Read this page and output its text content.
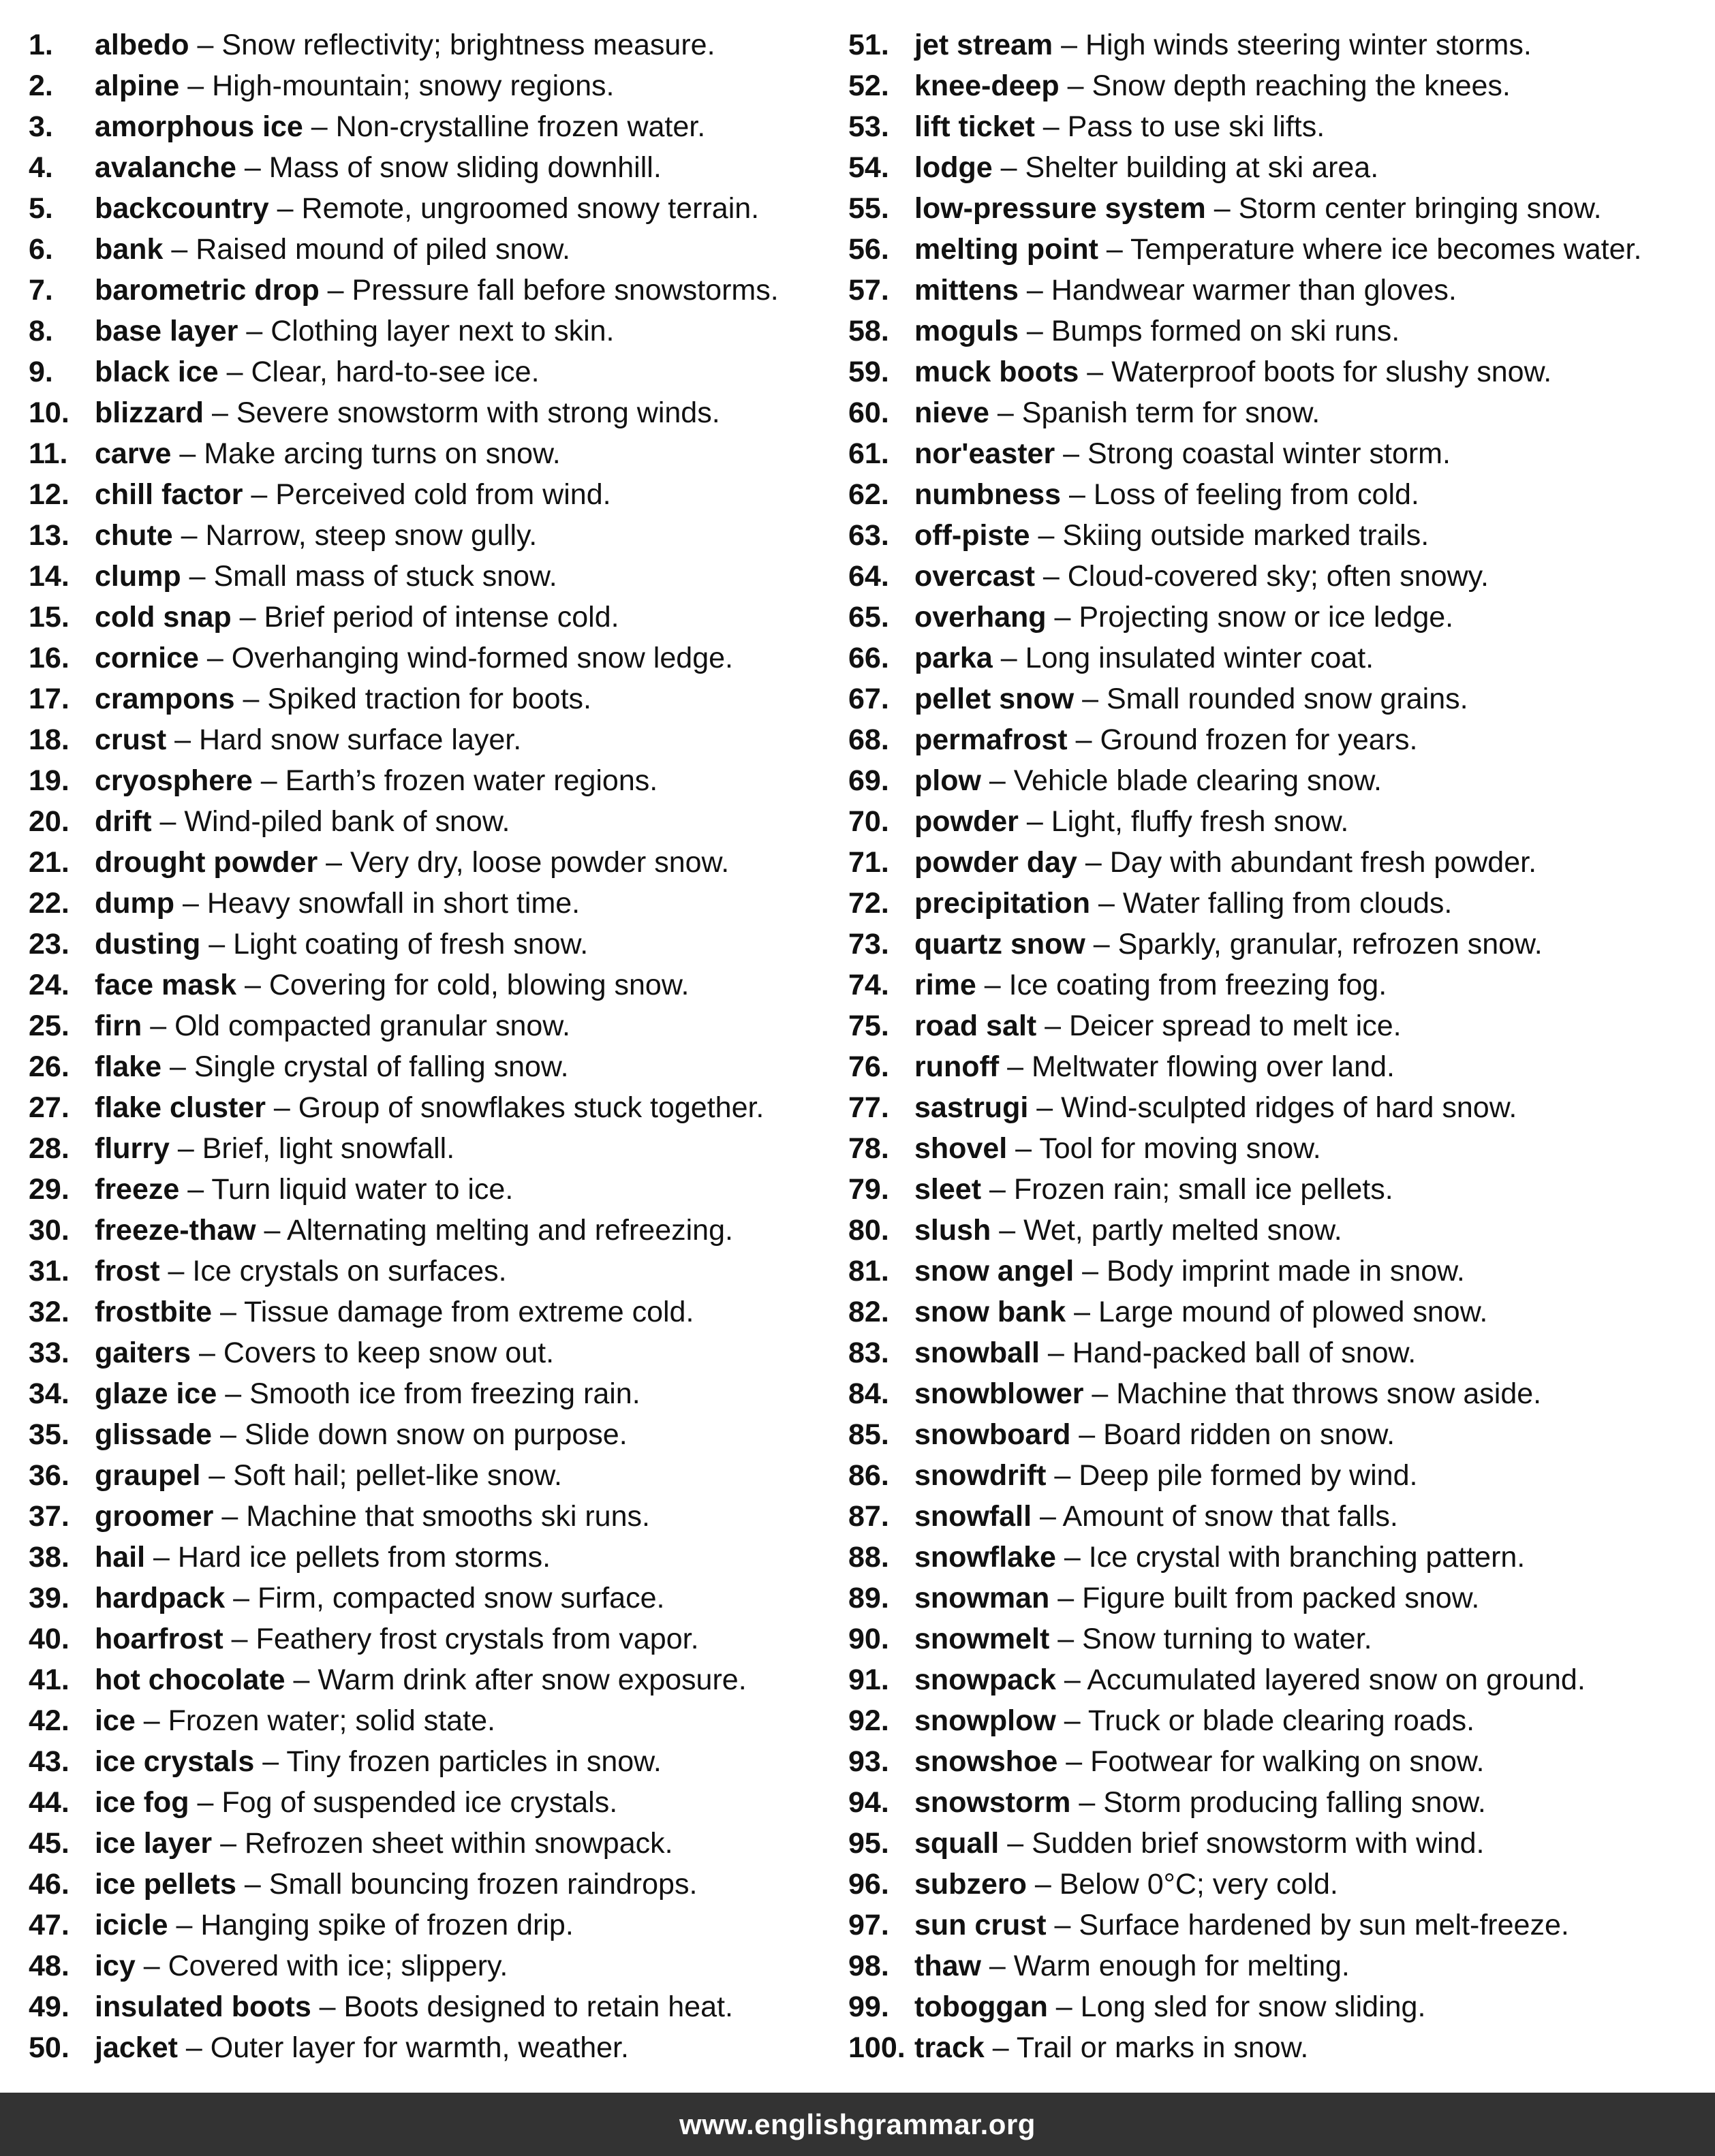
1. albedo – Snow reflectivity; brightness measure.
2. alpine – High-mountain; snowy regions.
3. amorphous ice – Non-crystalline frozen water.
4. avalanche – Mass of snow sliding downhill.
5. backcountry – Remote, ungroomed snowy terrain.
6. bank – Raised mound of piled snow.
7. barometric drop – Pressure fall before snowstorms.
8. base layer – Clothing layer next to skin.
9. black ice – Clear, hard-to-see ice.
10. blizzard – Severe snowstorm with strong winds.
11. carve – Make arcing turns on snow.
12. chill factor – Perceived cold from wind.
13. chute – Narrow, steep snow gully.
14. clump – Small mass of stuck snow.
15. cold snap – Brief period of intense cold.
16. cornice – Overhanging wind-formed snow ledge.
17. crampons – Spiked traction for boots.
18. crust – Hard snow surface layer.
19. cryosphere – Earth’s frozen water regions.
20. drift – Wind-piled bank of snow.
21. drought powder – Very dry, loose powder snow.
22. dump – Heavy snowfall in short time.
23. dusting – Light coating of fresh snow.
24. face mask – Covering for cold, blowing snow.
25. firn – Old compacted granular snow.
26. flake – Single crystal of falling snow.
27. flake cluster – Group of snowflakes stuck together.
28. flurry – Brief, light snowfall.
29. freeze – Turn liquid water to ice.
30. freeze-thaw – Alternating melting and refreezing.
31. frost – Ice crystals on surfaces.
32. frostbite – Tissue damage from extreme cold.
33. gaiters – Covers to keep snow out.
34. glaze ice – Smooth ice from freezing rain.
35. glissade – Slide down snow on purpose.
36. graupel – Soft hail; pellet-like snow.
37. groomer – Machine that smooths ski runs.
38. hail – Hard ice pellets from storms.
39. hardpack – Firm, compacted snow surface.
40. hoarfrost – Feathery frost crystals from vapor.
41. hot chocolate – Warm drink after snow exposure.
42. ice – Frozen water; solid state.
43. ice crystals – Tiny frozen particles in snow.
44. ice fog – Fog of suspended ice crystals.
45. ice layer – Refrozen sheet within snowpack.
46. ice pellets – Small bouncing frozen raindrops.
47. icicle – Hanging spike of frozen drip.
48. icy – Covered with ice; slippery.
49. insulated boots – Boots designed to retain heat.
50. jacket – Outer layer for warmth, weather.
51. jet stream – High winds steering winter storms.
52. knee-deep – Snow depth reaching the knees.
53. lift ticket – Pass to use ski lifts.
54. lodge – Shelter building at ski area.
55. low-pressure system – Storm center bringing snow.
56. melting point – Temperature where ice becomes water.
57. mittens – Handwear warmer than gloves.
58. moguls – Bumps formed on ski runs.
59. muck boots – Waterproof boots for slushy snow.
60. nieve – Spanish term for snow.
61. nor'easter – Strong coastal winter storm.
62. numbness – Loss of feeling from cold.
63. off-piste – Skiing outside marked trails.
64. overcast – Cloud-covered sky; often snowy.
65. overhang – Projecting snow or ice ledge.
66. parka – Long insulated winter coat.
67. pellet snow – Small rounded snow grains.
68. permafrost – Ground frozen for years.
69. plow – Vehicle blade clearing snow.
70. powder – Light, fluffy fresh snow.
71. powder day – Day with abundant fresh powder.
72. precipitation – Water falling from clouds.
73. quartz snow – Sparkly, granular, refrozen snow.
74. rime – Ice coating from freezing fog.
75. road salt – Deicer spread to melt ice.
76. runoff – Meltwater flowing over land.
77. sastrugi – Wind-sculpted ridges of hard snow.
78. shovel – Tool for moving snow.
79. sleet – Frozen rain; small ice pellets.
80. slush – Wet, partly melted snow.
81. snow angel – Body imprint made in snow.
82. snow bank – Large mound of plowed snow.
83. snowball – Hand-packed ball of snow.
84. snowblower – Machine that throws snow aside.
85. snowboard – Board ridden on snow.
86. snowdrift – Deep pile formed by wind.
87. snowfall – Amount of snow that falls.
88. snowflake – Ice crystal with branching pattern.
89. snowman – Figure built from packed snow.
90. snowmelt – Snow turning to water.
91. snowpack – Accumulated layered snow on ground.
92. snowplow – Truck or blade clearing roads.
93. snowshoe – Footwear for walking on snow.
94. snowstorm – Storm producing falling snow.
95. squall – Sudden brief snowstorm with wind.
96. subzero – Below 0°C; very cold.
97. sun crust – Surface hardened by sun melt-freeze.
98. thaw – Warm enough for melting.
99. toboggan – Long sled for snow sliding.
100. track – Trail or marks in snow.
www.englishgrammar.org
